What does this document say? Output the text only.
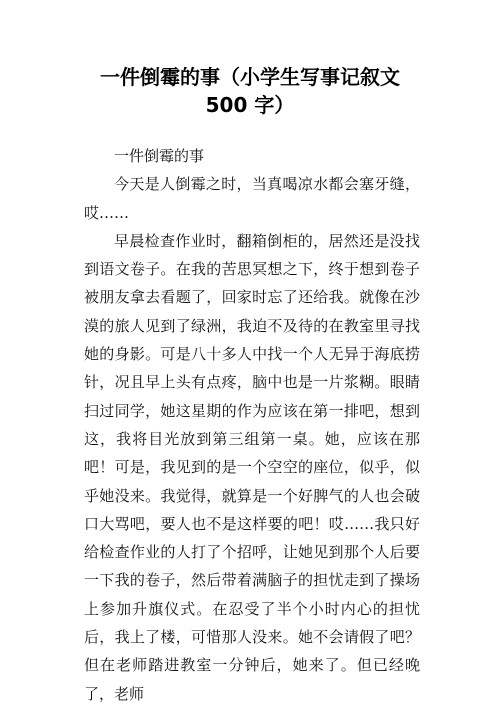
一件倒霉的事（小学生写事记叙文
500 字）

一件倒霉的事

今天是人倒霉之时，当真喝凉水都会塞牙缝，哎……

早晨检查作业时，翻箱倒柜的，居然还是没找到语文卷子。在我的苦思冥想之下，终于想到卷子被朋友拿去看题了，回家时忘了还给我。就像在沙漠的旅人见到了绿洲，我迫不及待的在教室里寻找她的身影。可是八十多人中找一个人无异于海底捞针，况且早上头有点疼，脑中也是一片浆糊。眼睛扫过同学，她这星期的作为应该在第一排吧，想到这，我将目光放到第三组第一桌。她，应该在那吧！可是，我见到的是一个空空的座位，似乎，似乎她没来。我觉得，就算是一个好脾气的人也会破口大骂吧，要人也不是这样要的吧！哎……我只好给检查作业的人打了个招呼，让她见到那个人后要一下我的卷子，然后带着满脑子的担忧走到了操场上参加升旗仪式。在忍受了半个小时内心的担忧后，我上了楼，可惜那人没来。她不会请假了吧？但在老师踏进教室一分钟后，她来了。但已经晚了，老师
